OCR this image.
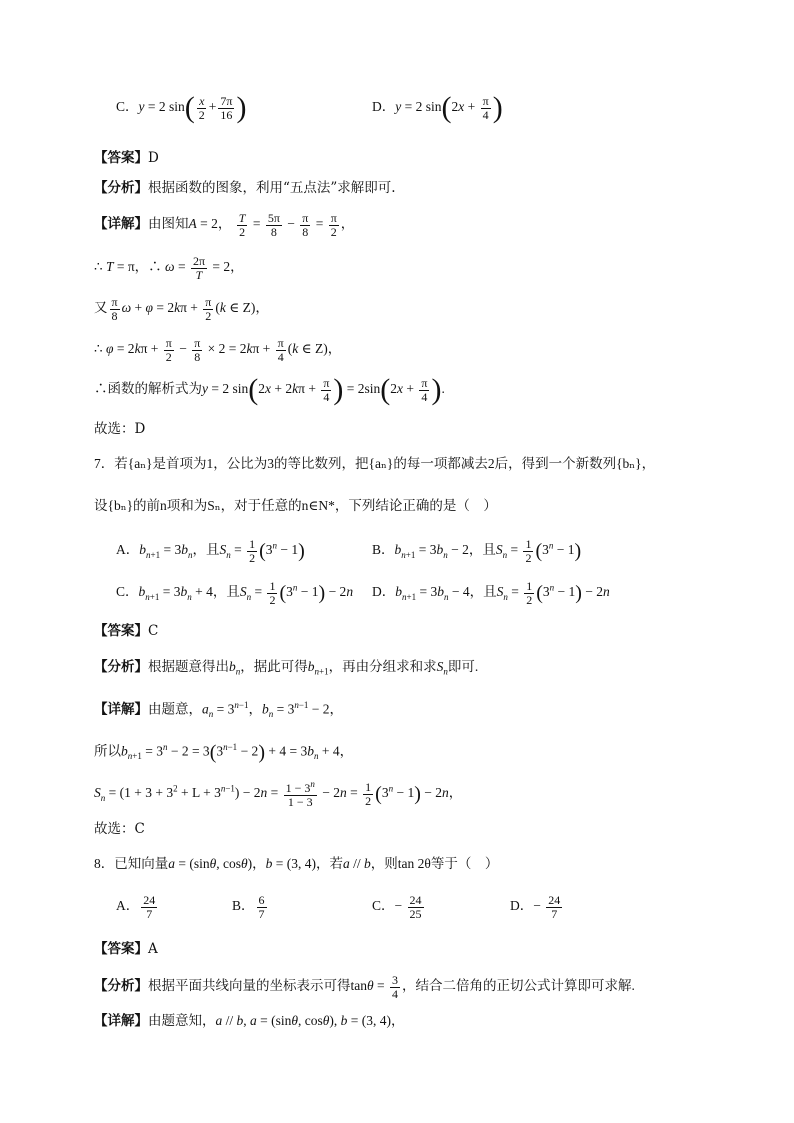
C．y = 2 $\sin( \frac{x}{2} + \frac{7\pi}{16}$ )	D．y = 2 $\sin(2x + \frac{\pi}{4}$ )
【答案】D
【分析】根据函数的图象，利用“五点法”求解即可.
【详解】由图知A = 2， $\frac{T}{2} = \frac{5\pi}{8} - \frac{\pi}{8} = \frac{\pi}{2}$ ，
∴ T = π，∴ $\omega = \frac{2\pi}{T} = 2$，
又 $\frac{\pi}{8}$ $\omega + \varphi = 2k\pi + \frac{\pi}{2} (k$ ∈ Z)，
∴ $\varphi = 2k\pi + \frac{\pi}{2} - \frac{\pi}{8} \times 2 = 2k\pi + \frac{\pi}{4} (k$ ∈ Z)，
∴函数的解析式为y = 2 $\sin(2x + 2k\pi + \frac{\pi}{4}$ ) = $2\sin(2x + \frac{\pi}{4}$ ).
故选：D
7．若{aₙ}是首项为1，公比为3的等比数列，把{aₙ}的每一项都减去2后，得到一个新数列{bₙ}，
设{bₙ}的前n项和为Sₙ，对于任意的n∈N*，下列结论正确的是（　）
A．$b_{n+1} = 3b_n$，且$S_n = \frac{1}{2} (3^n - 1)$	B．$b_{n+1} = 3b_n - 2$，且$S_n = \frac{1}{2} (3^n - 1)$
C．$b_{n+1} = 3b_n + 4$，且$S_n = \frac{1}{2} (3^n - 1) - 2n$ D．$b_{n+1} = 3b_n - 4$，且$S_n = \frac{1}{2} (3^n - 1) - 2n$
【答案】C
【分析】根据题意得出$b_n$，据此可得$b_{n+1}$，再由分组求和求$S_n$即可.
【详解】由题意，$a_n = 3^{n-1}$，$b_n = 3^{n-1} - 2$，
所以$b_{n+1} = 3^n - 2 = 3(3^{n-1} - 2) + 4 = 3b_n + 4$，
$S_n = (1 + 3 + 3^2 + L + 3^{n-1}) - 2n = \frac{1 - 3^n}{1 - 3} - 2n = \frac{1}{2} (3^n - 1) - 2n$，
故选：C
8．已知向量a = (sinθ, cosθ)，b = (3, 4)，若a // b，则tan 2θ等于（　）
A． $\frac{24}{7}$	B． $\frac{6}{7}$	C．− $\frac{24}{25}$	D．− $\frac{24}{7}$
【答案】A
【分析】根据平面共线向量的坐标表示可得$\tan\theta = \frac{3}{4}$ ，结合二倍角的正切公式计算即可求解.
【详解】由题意知，a // b, a = (sinθ, cosθ), b = (3, 4)，
